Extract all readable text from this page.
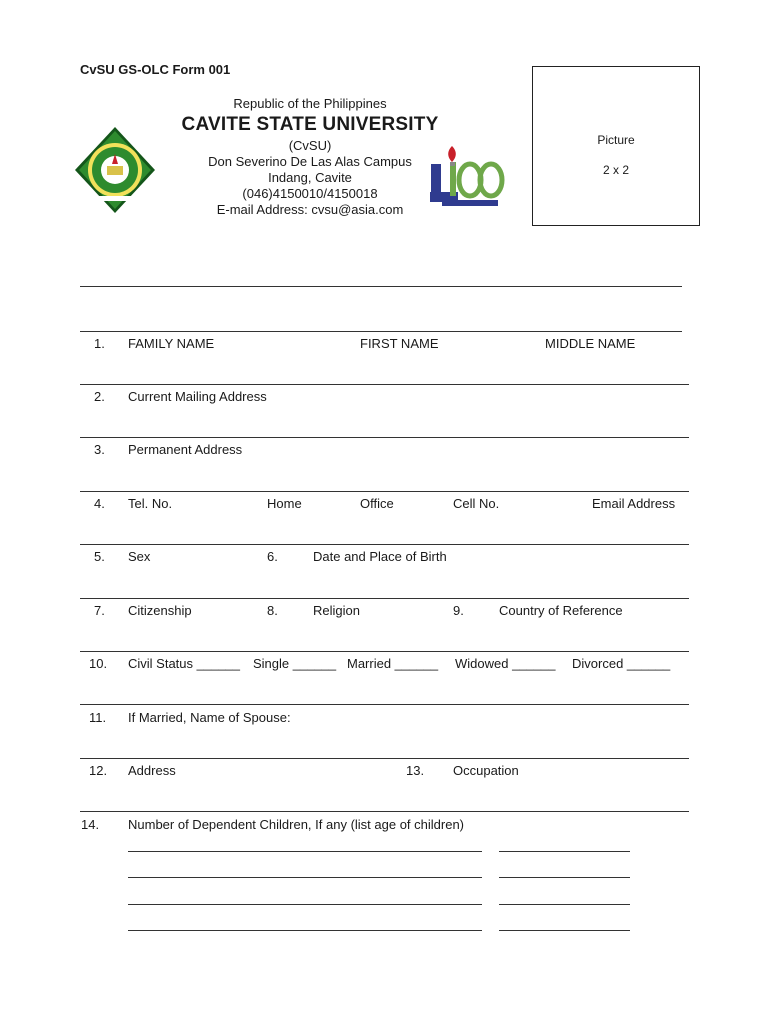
CvSU GS-OLC Form 001
Republic of the Philippines
CAVITE STATE UNIVERSITY
(CvSU)
Don Severino De Las Alas Campus
Indang, Cavite
(046)4150010/4150018
E-mail Address: cvsu@asia.com
Picture
2 x 2
1. FAMILY NAME	FIRST NAME	MIDDLE NAME
2. Current Mailing Address
3. Permanent Address
4. Tel. No.	Home	Office	Cell No.	Email Address
5. Sex	6.	Date and Place of Birth
7. Citizenship	8.	Religion	9.	Country of Reference
10. Civil Status ______ Single ______ Married ______ Widowed ______ Divorced ______
11. If Married, Name of Spouse:
12. Address	13. Occupation
14. Number of Dependent Children, If any (list age of children)
